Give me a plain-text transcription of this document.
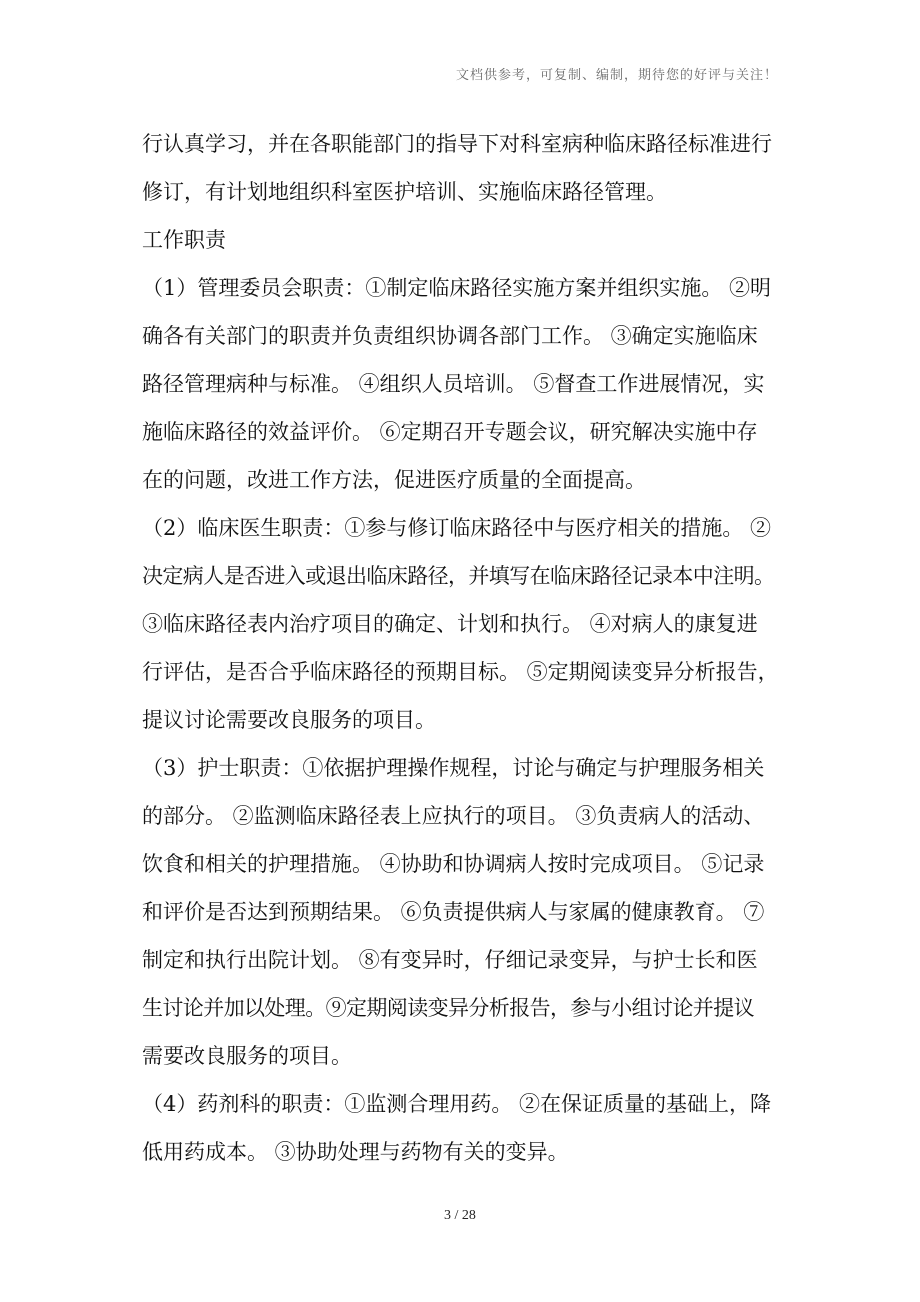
文档供参考，可复制、编制，期待您的好评与关注！
行认真学习，并在各职能部门的指导下对科室病种临床路径标准进行
修订，有计划地组织科室医护培训、实施临床路径管理。
工作职责
（1）管理委员会职责：①制定临床路径实施方案并组织实施。 ②明
确各有关部门的职责并负责组织协调各部门工作。 ③确定实施临床
路径管理病种与标准。 ④组织人员培训。 ⑤督查工作进展情况，实
施临床路径的效益评价。 ⑥定期召开专题会议，研究解决实施中存
在的问题，改进工作方法，促进医疗质量的全面提高。
（2）临床医生职责：①参与修订临床路径中与医疗相关的措施。 ②
决定病人是否进入或退出临床路径，并填写在临床路径记录本中注明。
③临床路径表内治疗项目的确定、计划和执行。 ④对病人的康复进
行评估，是否合乎临床路径的预期目标。 ⑤定期阅读变异分析报告，
提议讨论需要改良服务的项目。
（3）护士职责：①依据护理操作规程，讨论与确定与护理服务相关
的部分。 ②监测临床路径表上应执行的项目。 ③负责病人的活动、
饮食和相关的护理措施。 ④协助和协调病人按时完成项目。 ⑤记录
和评价是否达到预期结果。 ⑥负责提供病人与家属的健康教育。 ⑦
制定和执行出院计划。 ⑧有变异时，仔细记录变异，与护士长和医
生讨论并加以处理。⑨定期阅读变异分析报告，参与小组讨论并提议
需要改良服务的项目。
（4）药剂科的职责：①监测合理用药。 ②在保证质量的基础上，降
低用药成本。 ③协助处理与药物有关的变异。
3 / 28
